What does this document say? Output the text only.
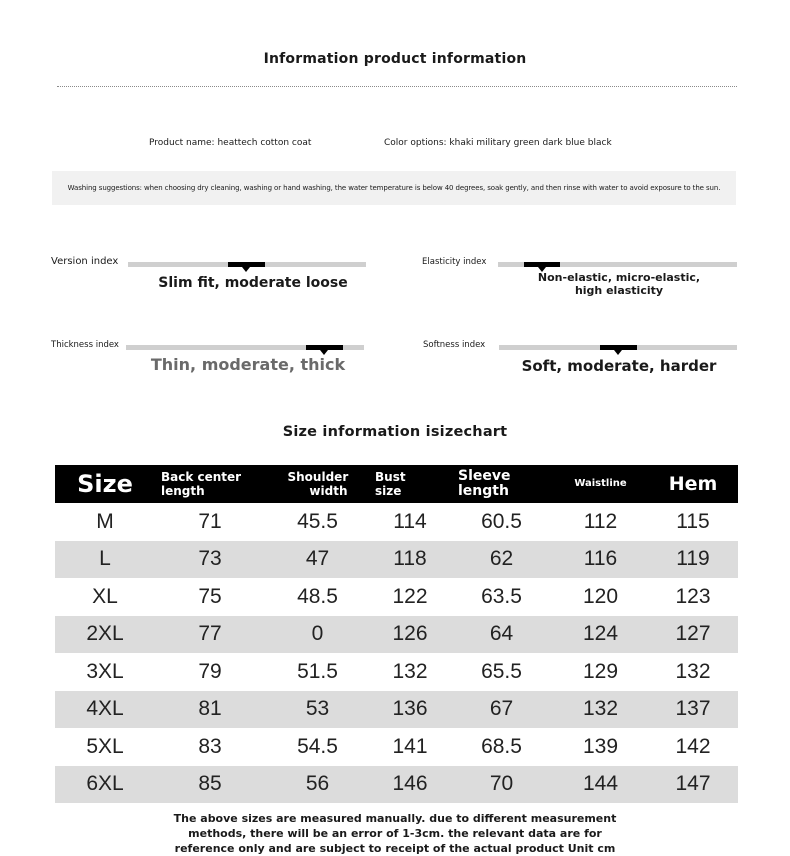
Information product information
Product name: heattech cotton coat	Color options: khaki military green dark blue black
Washing suggestions: when choosing dry cleaning, washing or hand washing, the water temperature is below 40 degrees, soak gently, and then rinse with water to avoid exposure to the sun.
Version index
Slim fit, moderate loose
Elasticity index
Non-elastic, micro-elastic, high elasticity
Thickness index
Thin, moderate, thick
Softness index
Soft, moderate, harder
Size information isizechart
Size	Back center length	Shoulder width	Bust size	Sleeve length	Waistline	Hem
M	71	45.5	114	60.5	112	115
L	73	47	118	62	116	119
XL	75	48.5	122	63.5	120	123
2XL	77	0	126	64	124	127
3XL	79	51.5	132	65.5	129	132
4XL	81	53	136	67	132	137
5XL	83	54.5	141	68.5	139	142
6XL	85	56	146	70	144	147
The above sizes are measured manually. due to different measurement
methods, there will be an error of 1-3cm. the relevant data are for
reference only and are subject to receipt of the actual product Unit cm
